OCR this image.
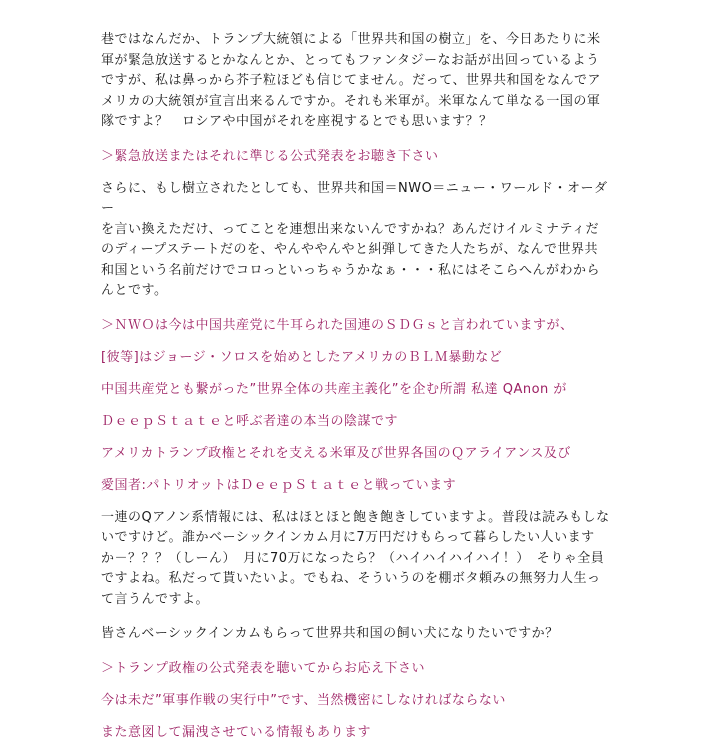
巷ではなんだか、トランプ大統領による「世界共和国の樹立」を、今日あたりに米
軍が緊急放送するとかなんとか、とってもファンタジーなお話が出回っているよう
ですが、私は鼻っから芥子粒ほども信じてません。だって、世界共和国をなんでア
メリカの大統領が宣言出来るんですか。それも米軍が。米軍なんて単なる一国の軍
隊ですよ？　ロシアや中国がそれを座視するとでも思います？？

＞緊急放送またはそれに準じる公式発表をお聴き下さい

さらに、もし樹立されたとしても、世界共和国＝NWO＝ニュー・ワールド・オーダー
を言い換えただけ、ってことを連想出来ないんですかね？あんだけイルミナティだ
のディープステートだのを、やんややんやと糾弾してきた人たちが、なんで世界共
和国という名前だけでコロっといっちゃうかなぁ・・・私にはそこらへんがわから
んとです。

＞ＮＷＯは今は中国共産党に牛耳られた国連のＳＤＧｓと言われていますが、

[彼等]はジョージ・ソロスを始めとしたアメリカのＢＬＭ暴動など

中国共産党とも繋がった”世界全体の共産主義化”を企む所謂 私達 QAnon が

ＤｅｅｐＳｔａｔｅと呼ぶ者達の本当の陰謀です

アメリカトランプ政権とそれを支える米軍及び世界各国のＱアライアンス及び

愛国者:パトリオットはＤｅｅｐＳｔａｔｅと戦っています

一連のQアノン系情報には、私はほとほと飽き飽きしていますよ。普段は読みもしな
いですけど。誰かベーシックインカム月に7万円だけもらって暮らしたい人います
か－？？？（しーん）　月に70万になったら？（ハイハイハイハイ！）　そりゃ全員
ですよね。私だって貰いたいよ。でもね、そういうのを棚ボタ頼みの無努力人生っ
て言うんですよ。

皆さんベーシックインカムもらって世界共和国の飼い犬になりたいですか？

＞トランプ政権の公式発表を聴いてからお応え下さい

今は未だ”軍事作戦の実行中”です、当然機密にしなければならない

また意図して漏洩させている情報もあります
